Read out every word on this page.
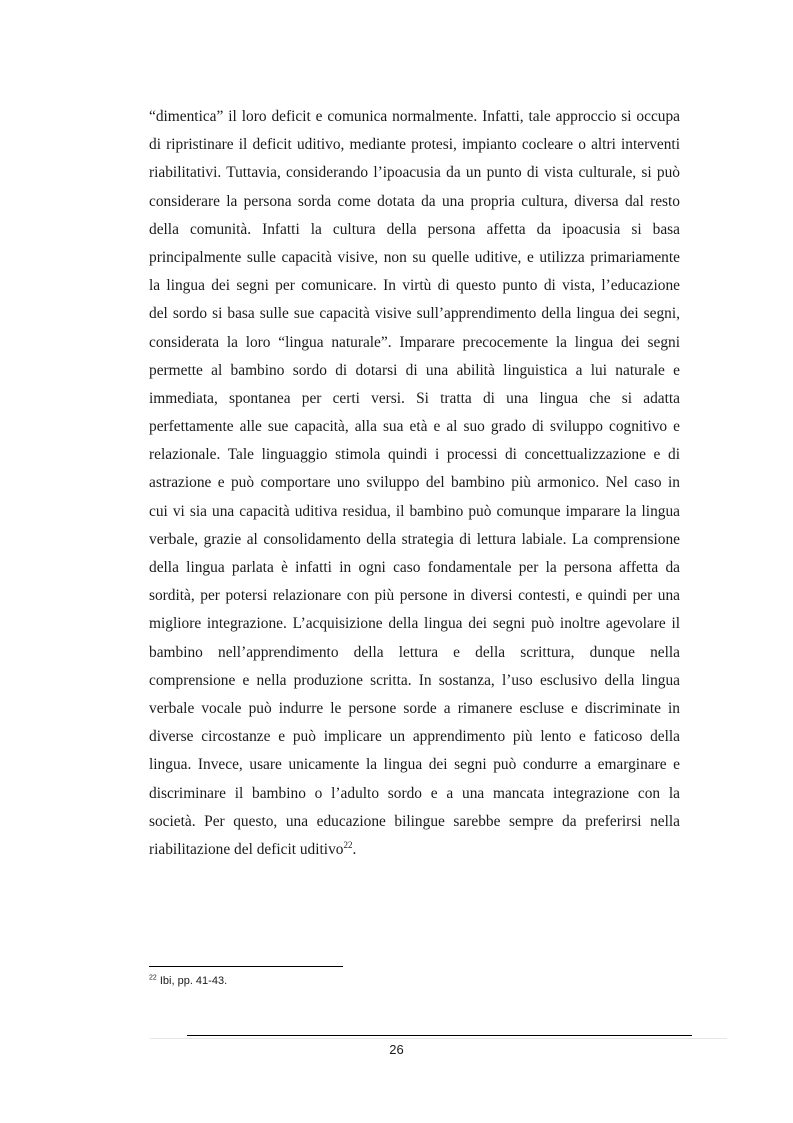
“dimentica” il loro deficit e comunica normalmente. Infatti, tale approccio si occupa
di ripristinare il deficit uditivo, mediante protesi, impianto cocleare o altri interventi
riabilitativi. Tuttavia, considerando l’ipoacusia da un punto di vista culturale, si può
considerare la persona sorda come dotata da una propria cultura, diversa dal resto
della comunità. Infatti la cultura della persona affetta da ipoacusia si basa
principalmente sulle capacità visive, non su quelle uditive, e utilizza primariamente
la lingua dei segni per comunicare. In virtù di questo punto di vista, l’educazione
del sordo si basa sulle sue capacità visive sull’apprendimento della lingua dei segni,
considerata la loro “lingua naturale”. Imparare precocemente la lingua dei segni
permette al bambino sordo di dotarsi di una abilità linguistica a lui naturale e
immediata, spontanea per certi versi. Si tratta di una lingua che si adatta
perfettamente alle sue capacità, alla sua età e al suo grado di sviluppo cognitivo e
relazionale. Tale linguaggio stimola quindi i processi di concettualizzazione e di
astrazione e può comportare uno sviluppo del bambino più armonico. Nel caso in
cui vi sia una capacità uditiva residua, il bambino può comunque imparare la lingua
verbale, grazie al consolidamento della strategia di lettura labiale. La comprensione
della lingua parlata è infatti in ogni caso fondamentale per la persona affetta da
sordità, per potersi relazionare con più persone in diversi contesti, e quindi per una
migliore integrazione. L’acquisizione della lingua dei segni può inoltre agevolare il
bambino nell’apprendimento della lettura e della scrittura, dunque nella
comprensione e nella produzione scritta. In sostanza, l’uso esclusivo della lingua
verbale vocale può indurre le persone sorde a rimanere escluse e discriminate in
diverse circostanze e può implicare un apprendimento più lento e faticoso della
lingua. Invece, usare unicamente la lingua dei segni può condurre a emarginare e
discriminare il bambino o l’adulto sordo e a una mancata integrazione con la
società. Per questo, una educazione bilingue sarebbe sempre da preferirsi nella
riabilitazione del deficit uditivo$^{22}$.

$^{22}$ Ibi, pp. 41-43.

26
